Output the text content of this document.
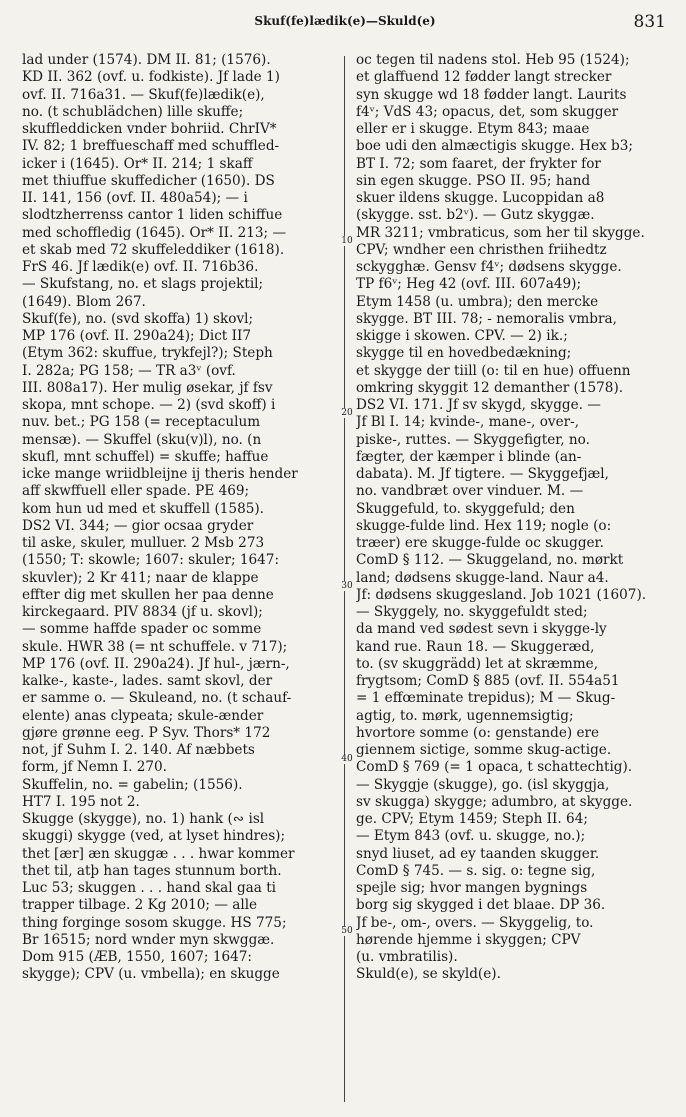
Skuf(fe)lædik(e)—Skuld(e)	831
lad under (1574). DM II. 81; (1576).
KD II. 362 (ovf. u. fodkiste). Jf lade 1)
ovf. II. 716a31. — Skuf(fe)lædik(e),
no. (t schublädchen) lille skuffe;
skuffleddicken vnder bohriid. ChrIV*
IV. 82; 1 breffueschaff med schuffled-
icker i (1645). Or* II. 214; 1 skaff
met thiuffue skuffedicher (1650). DS
II. 141, 156 (ovf. II. 480a54); — i
slodtzherrenss cantor 1 liden schiffue
med schoffledig (1645). Or* II. 213; —
et skab med 72 skuffeleddiker (1618).
FrS 46. Jf lædik(e) ovf. II. 716b36.
— Skufstang, no. et slags projektil;
(1649). Blom 267.
Skuf(fe), no. (svd skoffa) 1) skovl;
MP 176 (ovf. II. 290a24); Dict II7
(Etym 362: skuffue, trykfejl?); Steph
I. 282a; PG 158; — TR a3ᵛ (ovf.
III. 808a17). Her mulig øsekar, jf fsv
skopa, mnt schope. — 2) (svd skoff) i
nuv. bet.; PG 158 (= receptaculum
mensæ). — Skuffel (sku(v)l), no. (n
skufl, mnt schuffel) = skuffe; haffue
icke mange wriidbleijne ij theris hender
aff skwffuell eller spade. PE 469;
kom hun ud med et skuffell (1585).
DS2 VI. 344; — gior ocsaa gryder
til aske, skuler, mulluer. 2 Msb 273
(1550; T: skowle; 1607: skuler; 1647:
skuvler); 2 Kr 411; naar de klappe
effter dig met skullen her paa denne
kirckegaard. PIV 8834 (jf u. skovl);
— somme haffde spader oc somme
skule. HWR 38 (= nt schuffele. v 717);
MP 176 (ovf. II. 290a24). Jf hul-, jærn-,
kalke-, kaste-, lades. samt skovl, der
er samme o. — Skuleand, no. (t schauf-
elente) anas clypeata; skule-ænder
gjøre grønne eeg. P Syv. Thors* 172
not, jf Suhm I. 2. 140. Af næbbets
form, jf Nemn I. 270.
Skuffelin, no. = gabelin; (1556).
HT7 I. 195 not 2.
Skugge (skygge), no. 1) hank (∾ isl
skuggi) skygge (ved, at lyset hindres);
thet [ær] æn skuggæ . . . hwar kommer
thet til, atþ han tages stunnum borth.
Luc 53; skuggen . . . hand skal gaa ti
trapper tilbage. 2 Kg 2010; — alle
thing forginge sosom skugge. HS 775;
Br 16515; nord wnder myn skwggæ.
Dom 915 (ÆB, 1550, 1607; 1647:
skygge); CPV (u. vmbella); en skugge
oc tegen til nadens stol. Heb 95 (1524);
et glaffuend 12 fødder langt strecker
syn skugge wd 18 fødder langt. Laurits
f4ᵛ; VdS 43; opacus, det, som skugger
eller er i skugge. Etym 843; maae
boe udi den almæctigis skugge. Hex b3;
BT I. 72; som faaret, der frykter for
sin egen skugge. PSO II. 95; hand
skuer ildens skugge. Lucoppidan a8
(skygge. sst. b2ᵛ). — Gutz skyggæ.
MR 3211; vmbraticus, som her til skygge.
CPV; wndher een christhen friihedtz
sckygghæ. Gensv f4ᵛ; dødsens skygge.
TP f6ᵛ; Heg 42 (ovf. III. 607a49);
Etym 1458 (u. umbra); den mercke
skygge. BT III. 78; - nemoralis vmbra,
skigge i skowen. CPV. — 2) ik.;
skygge til en hovedbedækning;
et skygge der tiill (o: til en hue) offuenn
omkring skyggit 12 demanther (1578).
DS2 VI. 171. Jf sv skygd, skygge. —
Jf Bl I. 14; kvinde-, mane-, over-,
piske-, ruttes. — Skyggefigter, no.
fægter, der kæmper i blinde (an-
dabata). M. Jf tigtere. — Skyggefjæl,
no. vandbræt over vinduer. M. —
Skuggefuld, to. skyggefuld; den
skugge-fulde lind. Hex 119; nogle (o:
træer) ere skugge-fulde oc skugger.
ComD § 112. — Skuggeland, no. mørkt
land; dødsens skugge-land. Naur a4.
Jf: dødsens skuggesland. Job 1021 (1607).
— Skyggely, no. skyggefuldt sted;
da mand ved sødest sevn i skygge-ly
kand rue. Raun 18. — Skuggeræd,
to. (sv skuggrädd) let at skræmme,
frygtsom; ComD § 885 (ovf. II. 554a51
= 1 effœminate trepidus); M — Skug-
agtig, to. mørk, ugennemsigtig;
hvortore somme (o: genstande) ere
giennem sictige, somme skug-actige.
ComD § 769 (= 1 opaca, t schattechtig).
— Skyggje (skugge), go. (isl skyggja,
sv skugga) skygge; adumbro, at skygge.
ge. CPV; Etym 1459; Steph II. 64;
— Etym 843 (ovf. u. skugge, no.);
snyd liuset, ad ey taanden skugger.
ComD § 745. — s. sig. o: tegne sig,
spejle sig; hvor mangen bygnings
borg sig skygged i det blaae. DP 36.
Jf be-, om-, overs. — Skyggelig, to.
hørende hjemme i skyggen; CPV
(u. vmbratilis).
Skuld(e), se skyld(e).
10
20
30
40
50
